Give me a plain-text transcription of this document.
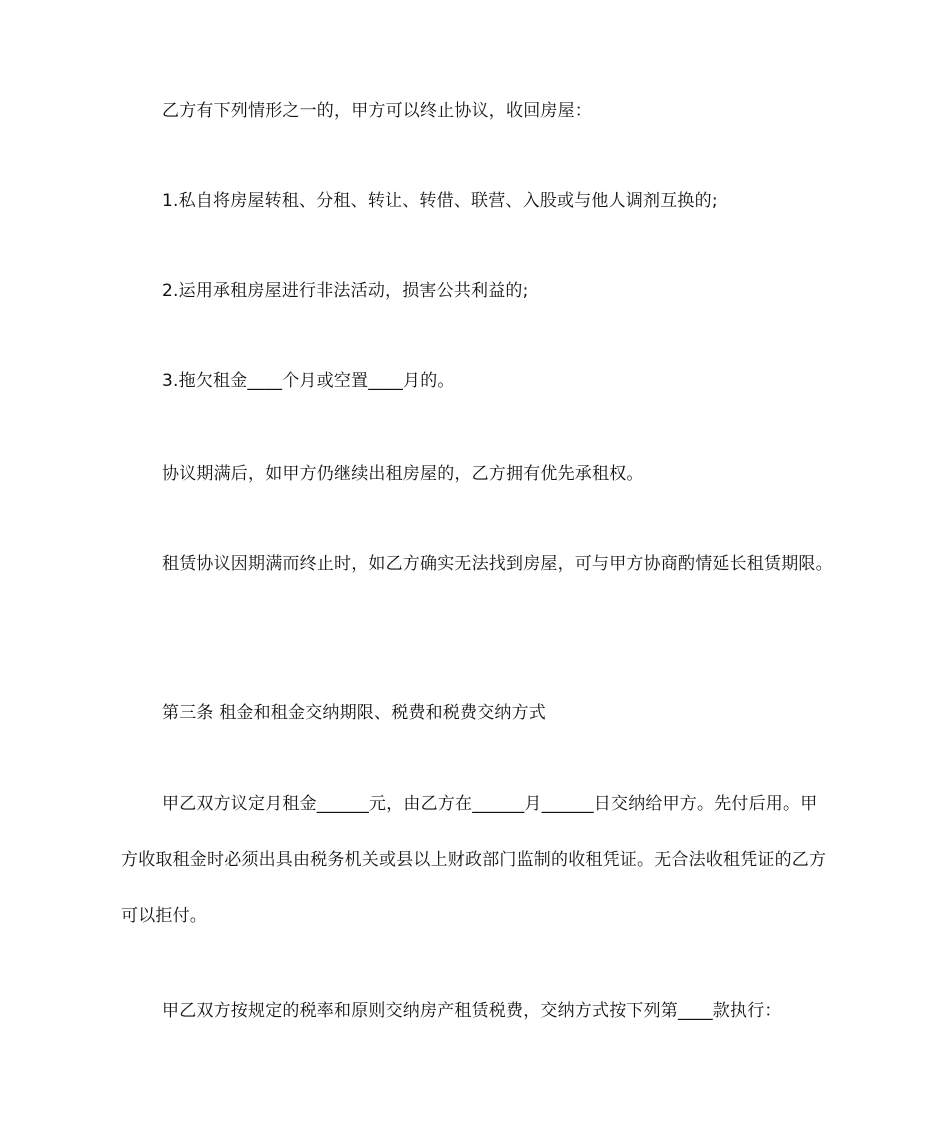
乙方有下列情形之一的，甲方可以终止协议，收回房屋：

1.私自将房屋转租、分租、转让、转借、联营、入股或与他人调剂互换的;

2.运用承租房屋进行非法活动，损害公共利益的;

3.拖欠租金____个月或空置____月的。

协议期满后，如甲方仍继续出租房屋的，乙方拥有优先承租权。

租赁协议因期满而终止时，如乙方确实无法找到房屋，可与甲方协商酌情延长租赁期限。

第三条 租金和租金交纳期限、税费和税费交纳方式

甲乙双方议定月租金______元，由乙方在______月______日交纳给甲方。先付后用。甲方收取租金时必须出具由税务机关或县以上财政部门监制的收租凭证。无合法收租凭证的乙方可以拒付。

甲乙双方按规定的税率和原则交纳房产租赁税费，交纳方式按下列第____款执行：
